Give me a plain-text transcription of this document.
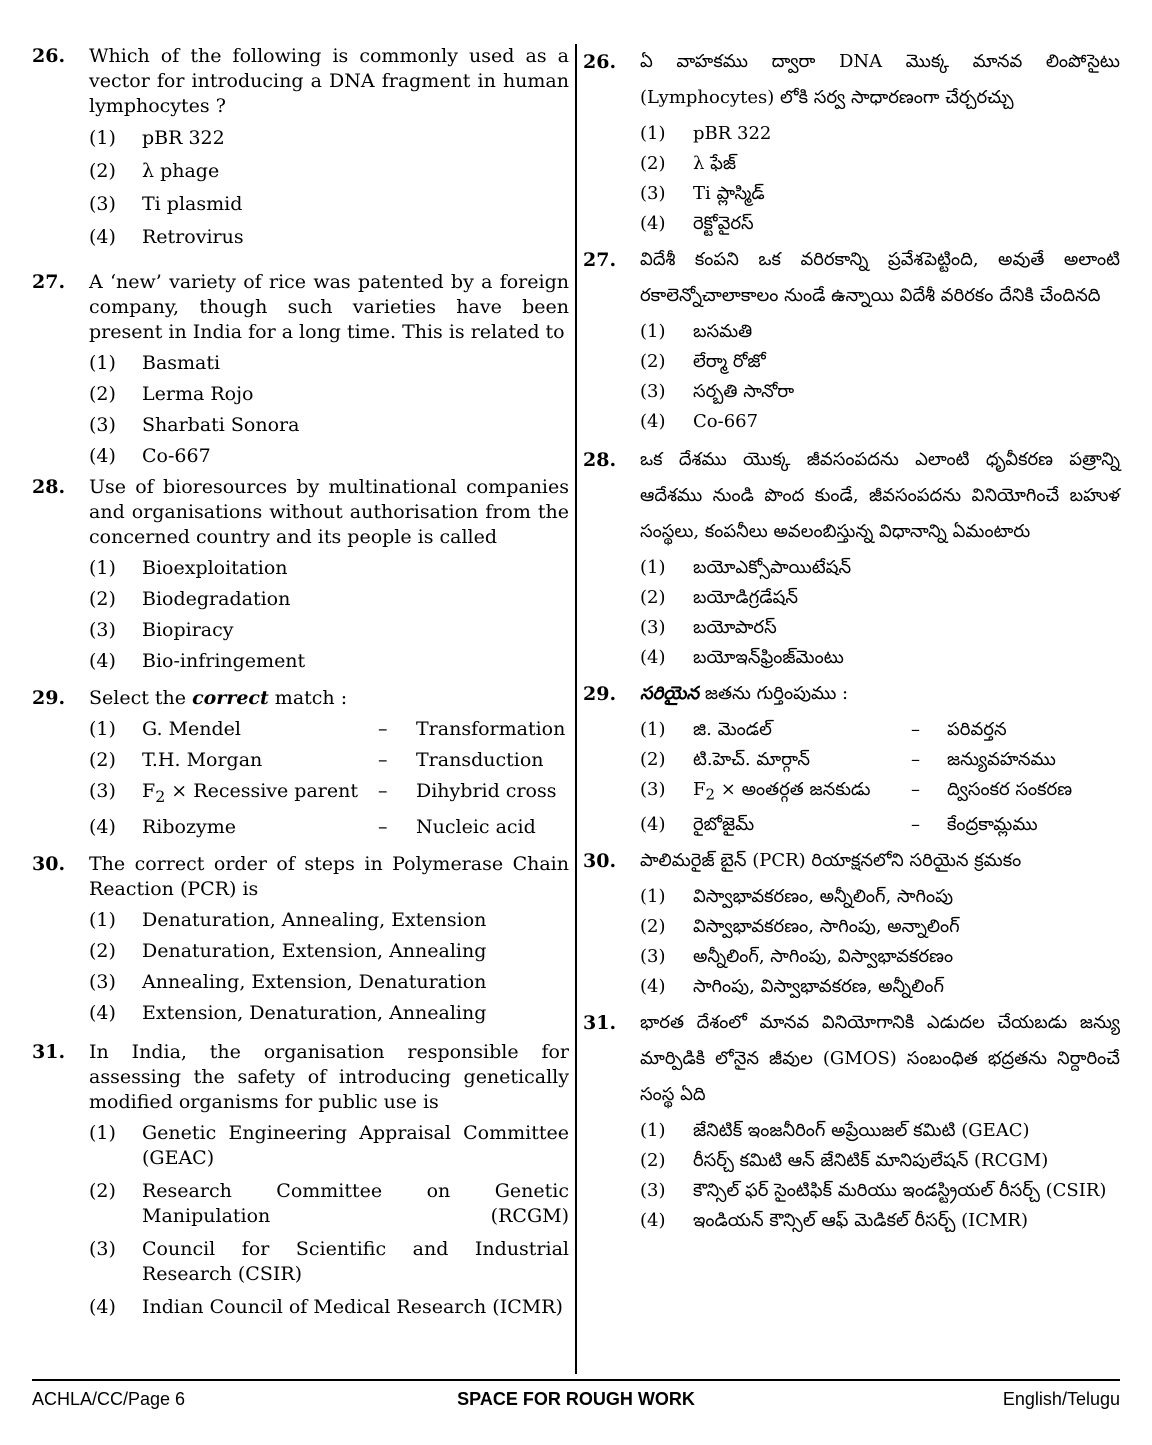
26. Which of the following is commonly used as a vector for introducing a DNA fragment in human lymphocytes ?
(1)	pBR 322
(2)	λ phage
(3)	Ti plasmid
(4)	Retrovirus
27. A ‘new’ variety of rice was patented by a foreign company, though such varieties have been present in India for a long time. This is related to
(1)	Basmati
(2)	Lerma Rojo
(3)	Sharbati Sonora
(4)	Co-667
28. Use of bioresources by multinational companies and organisations without authorisation from the concerned country and its people is called
(1)	Bioexploitation
(2)	Biodegradation
(3)	Biopiracy
(4)	Bio-infringement
29. Select the correct match :
(1)	G. Mendel	–	Transformation
(2)	T.H. Morgan	–	Transduction
(3)	$F_2$ × Recessive parent	–	Dihybrid cross
(4)	Ribozyme	–	Nucleic acid
30. The correct order of steps in Polymerase Chain Reaction (PCR) is
(1)	Denaturation, Annealing, Extension
(2)	Denaturation, Extension, Annealing
(3)	Annealing, Extension, Denaturation
(4)	Extension, Denaturation, Annealing
31. In India, the organisation responsible for assessing the safety of introducing genetically modified organisms for public use is
(1)	Genetic Engineering Appraisal Committee (GEAC)
(2)	Research Committee on Genetic Manipulation (RCGM)
(3)	Council for Scientific and Industrial Research (CSIR)
(4)	Indian Council of Medical Research (ICMR)
26. ఏ వాహకము ద్వారా DNA మొక్క మానవ లింపోసైటు (Lymphocytes) లోకి సర్వ సాధారణంగా చేర్చరచ్చు
(1)	pBR 322
(2)	λ ఫేజ్
(3)	Ti ప్లాస్మిడ్
(4)	రెక్టోవైరస్
27. విదేశీ కంపని ఒక వరిరకాన్ని ప్రవేశపెట్టింది, అవుతే అలాంటి రకాలెన్నోచాలాకాలం నుండే ఉన్నాయి విదేశీ వరిరకం దేనికి చేందినది
(1)	బసమతి
(2)	లేర్మా రోజో
(3)	సర్బతి సానోరా
(4)	Co-667
28. ఒక దేశము యొక్క జీవసంపదను ఎలాంటి ధృవీకరణ పత్రాన్ని ఆదేశము నుండి పొంద కుండే, జీవసంపదను వినియోగించే బహుళ సంస్థలు, కంపనీలు అవలంబిస్తున్న విధానాన్ని ఏమంటారు
(1)	బయోఎక్సోపాయిటేషన్
(2)	బయోడిగ్రడేషన్
(3)	బయోపారస్
(4)	బయోఇన్‌ఫ్రింజ్‌మెంటు
29. సరియైన జతను గుర్తింపుము :
(1)	జి. మెండల్	–	పరివర్తన
(2)	టి.హెచ్. మార్గాన్	–	జన్యువహనము
(3)	$F_2$ × అంతర్గత జనకుడు	–	ద్విసంకర సంకరణ
(4)	రైబోజైమ్	–	కేంద్రకామ్లము
30. పాలిమరైజ్ బైన్ (PCR) రియాక్షనలోని సరియైన క్రమకం
(1)	విస్వాభావకరణం, అన్నీలింగ్, సాగింపు
(2)	విస్వాభావకరణం, సాగింపు, అన్నాలింగ్
(3)	అన్నీలింగ్, సాగింపు, విస్వాభావకరణం
(4)	సాగింపు, విస్వాభావకరణ, అన్నీలింగ్
31. భారత దేశంలో మానవ వినియోగానికి ఎడుదల చేయబడు జన్యు మార్పిడికి లోనైన జీవుల (GMOS) సంబంధిత భద్రతను నిర్దారించే సంస్థ ఏది
(1)	జేనిటిక్ ఇంజనీరింగ్ అప్రేయిజల్ కమిటి (GEAC)
(2)	రీసర్చ్ కమిటి ఆన్ జేనిటిక్ మానిపులేషన్ (RCGM)
(3)	కౌన్సిల్ ఫర్ సైంటిఫిక్ మరియు ఇండస్ట్రియల్ రీసర్చ్ (CSIR)
(4)	ఇండియన్ కౌన్సిల్ ఆఫ్ మెడికల్ రీసర్చ్ (ICMR)
ACHLA/CC/Page 6	SPACE FOR ROUGH WORK	English/Telugu
